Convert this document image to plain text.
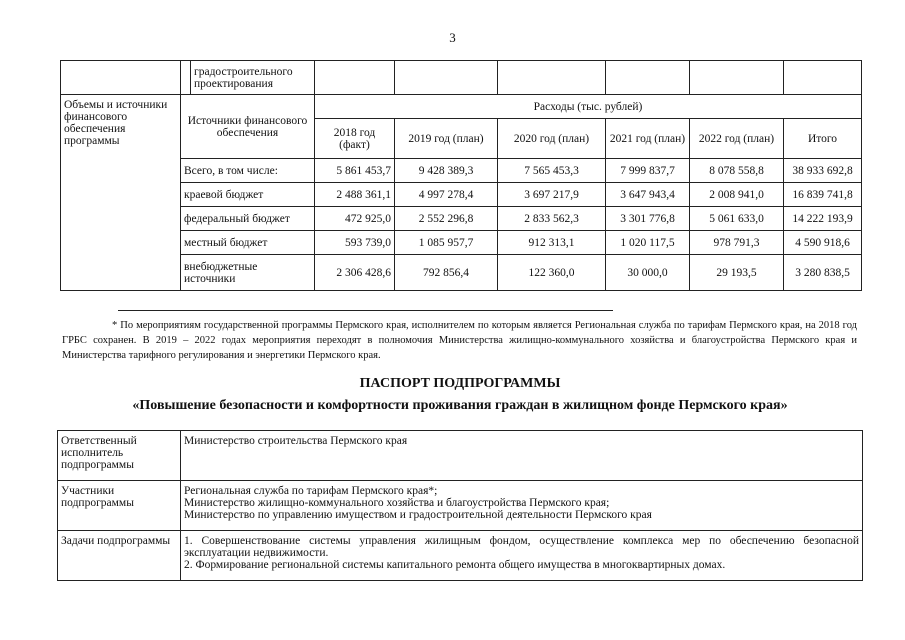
3
		градостроительного проектирования						
Объемы и источники финансового обеспечения программы	Источники финансового обеспечения		Расходы (тыс. рублей)					
			2018 год (факт)	2019 год (план)	2020 год (план)	2021 год (план)	2022 год (план)	Итого
	Всего, в том числе:		5 861 453,7	9 428 389,3	7 565 453,3	7 999 837,7	8 078 558,8	38 933 692,8
	краевой бюджет		2 488 361,1	4 997 278,4	3 697 217,9	3 647 943,4	2 008 941,0	16 839 741,8
	федеральный бюджет		472 925,0	2 552 296,8	2 833 562,3	3 301 776,8	5 061 633,0	14 222 193,9
	местный бюджет		593 739,0	1 085 957,7	912 313,1	1 020 117,5	978 791,3	4 590 918,6
	внебюджетные источники		2 306 428,6	792 856,4	122 360,0	30 000,0	29 193,5	3 280 838,5
* По мероприятиям государственной программы Пермского края, исполнителем по которым является Региональная служба по тарифам Пермского края, на 2018 год ГРБС сохранен. В 2019 – 2022 годах мероприятия переходят в полномочия Министерства жилищно-коммунального хозяйства и благоустройства Пермского края и Министерства тарифного регулирования и энергетики Пермского края.
ПАСПОРТ ПОДПРОГРАММЫ
«Повышение безопасности и комфортности проживания граждан в жилищном фонде Пермского края»
Ответственный исполнитель подпрограммы	Министерство строительства Пермского края

Участники подпрограммы	Региональная служба по тарифам Пермского края*;
Министерство жилищно-коммунального хозяйства и благоустройства Пермского края;
Министерство по управлению имуществом и градостроительной деятельности Пермского края

Задачи подпрограммы	1. Совершенствование системы управления жилищным фондом, осуществление комплекса мер по обеспечению безопасной эксплуатации недвижимости.
2. Формирование региональной системы капитального ремонта общего имущества в многоквартирных домах.
